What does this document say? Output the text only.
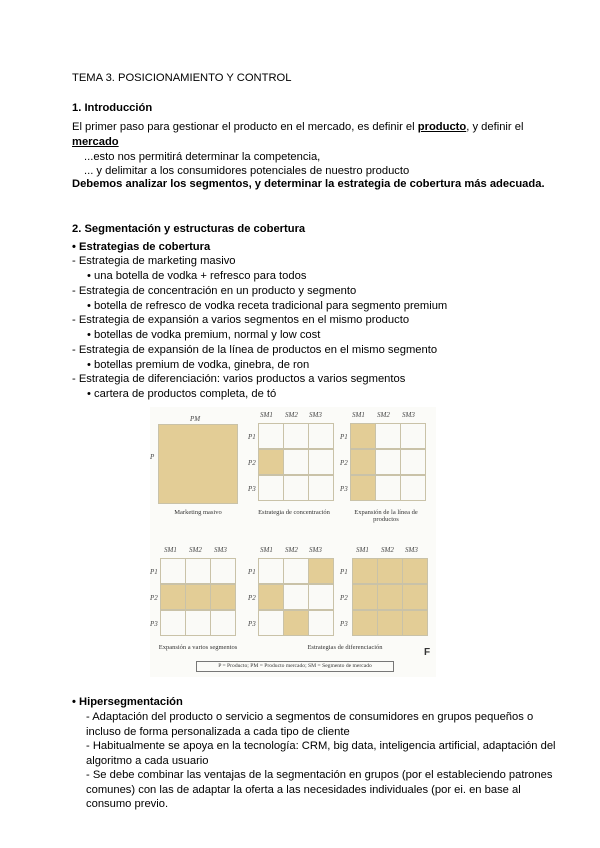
TEMA 3. POSICIONAMIENTO Y CONTROL
1. Introducción
El primer paso para gestionar el producto en el mercado, es definir el producto, y definir el
mercado
...esto nos permitirá determinar la competencia,
... y delimitar a los consumidores potenciales de nuestro producto
Debemos analizar los segmentos, y determinar la estrategia de cobertura más adecuada.
2. Segmentación y estructuras de cobertura
• Estrategias de cobertura
- Estrategia de marketing masivo
• una botella de vodka + refresco para todos
- Estrategia de concentración en un producto y segmento
• botella de refresco de vodka receta tradicional para segmento premium
- Estrategia de expansión a varios segmentos en el mismo producto
• botellas de vodka premium, normal y low cost
- Estrategia de expansión de la línea de productos en el mismo segmento
• botellas premium de vodka, ginebra, de ron
- Estrategia de diferenciación: varios productos a varios segmentos
• cartera de productos completa, de tó
PM
P
Marketing masivo
SM1 SM2 SM3
P1
P2
P3
Estrategia de concentración
SM1 SM2 SM3
P1
P2
P3
Expansión de la línea de productos
SM1 SM2 SM3
P1
P2
P3
Expansión a varios segmentos
SM1 SM2 SM3
P1
P2
P3
SM1 SM2 SM3
P1
P2
P3
Estrategias de diferenciación	F
P = Producto; PM = Producto mercado; SM = Segmento de mercado
• Hipersegmentación
- Adaptación del producto o servicio a segmentos de consumidores en grupos pequeños o
incluso de forma personalizada a cada tipo de cliente
- Habitualmente se apoya en la tecnología: CRM, big data, inteligencia artificial, adaptación del
algoritmo a cada usuario
- Se debe combinar las ventajas de la segmentación en grupos (por el estableciendo patrones
comunes) con las de adaptar la oferta a las necesidades individuales (por ei. en base al
consumo previo.
